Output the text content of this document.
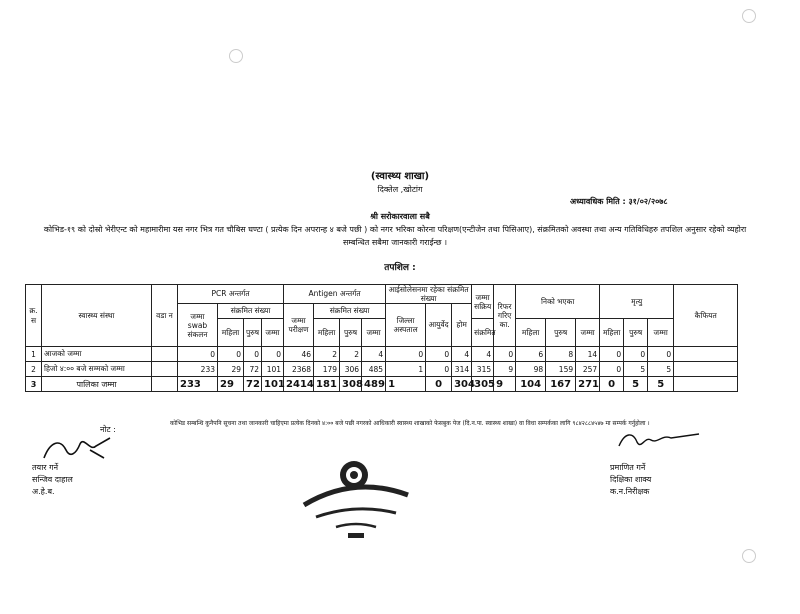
(स्वास्थ्य शाखा)
दिक्तेल ,खोटांग
अध्यावधिक मिति : ३१/०२/२०७८
श्री सरोकारवाला सबै
कोभिड-१९ को दोस्रो भेरीएन्ट को महामारीमा यस नगर भित्र गत चौबिस घण्टा ( प्रत्येक दिन अपरान्ह ४ बजे पछी ) को नगर भरिका कोरना परिक्षण(एन्टीजेन तथा पिसिआए), संक्रमितको अवस्था तथा अन्य गतिविधिहरु तपशिल अनुसार रहेको व्यहोरा सम्बन्धित सबैमा जानकारी गराईन्छ ।
तपशिल :
क्र. स	स्वास्थ्य संस्था	वडा न	PCR अन्तर्गत				Antigen अन्तर्गत				आईसोलेसनमा रहेका संक्रमित संख्या			जम्मा सक्रिय	रिफर गरिए का.	निको भएका			मृत्यु			कैफियत
			जम्मा swab संकलन	संक्रमित संख्या			जम्मा परीक्षण	संक्रमित संख्या			जिल्ला अस्पताल	आयुर्वेद	होम									
				महिला	पुरुष	जम्मा		महिला	पुरुष	जम्मा				संक्रमित		महिला	पुरुष	जम्मा	महिला	पुरुष	जम्मा	
1	आजको जम्मा		0	0	0	0	46	2	2	4	0	0	4	4	0	6	8	14	0	0	0	
2	हिजो ४:०० बजे सम्मको जम्मा		233	29	72	101	2368	179	306	485	1	0	314	315	9	98	159	257	0	5	5	
3	पालिका जम्मा		233	29	72	101	2414	181	308	489	1	0	304	305	9	104	167	271	0	5	5	
कोभिड सम्बन्धि कुनैपनि सूचना तथा जानकारी चाहिएमा प्रत्येक दिनको ४:०० बजे पछी नगरको आधिकारी स्वास्थ्य शाखाको फेसबुक पेज (दि.न.पा. स्वास्थ्य शाखा) वा विधा सम्पर्कका लागि ९८४२८८४५४७ मा सम्पर्क गर्नुहोला ।
नोट :
तयार गर्ने
सन्जिव दाहाल
अ.हे.ब.
प्रमाणित गर्ने
दिक्षिका शाक्य
क.न.निरीक्षक
